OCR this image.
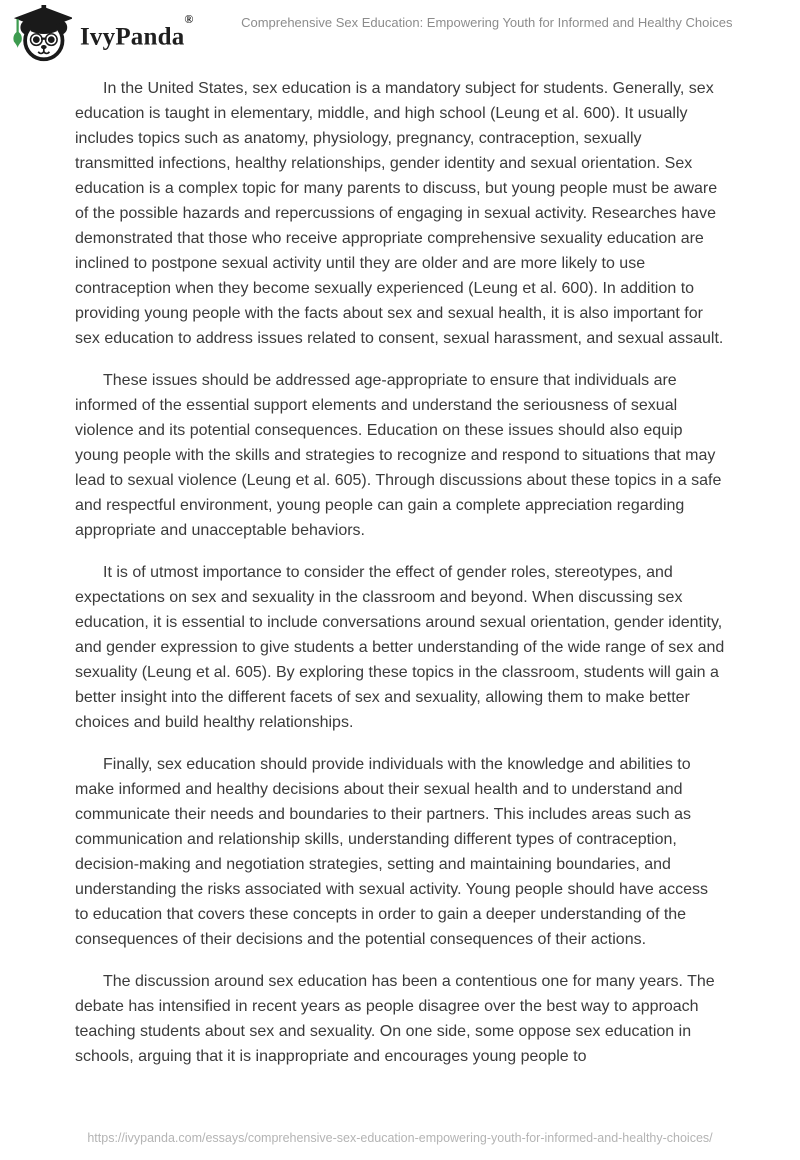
IvyPanda®	Comprehensive Sex Education: Empowering Youth for Informed and Healthy Choices

In the United States, sex education is a mandatory subject for students. Generally, sex education is taught in elementary, middle, and high school (Leung et al. 600). It usually includes topics such as anatomy, physiology, pregnancy, contraception, sexually transmitted infections, healthy relationships, gender identity and sexual orientation. Sex education is a complex topic for many parents to discuss, but young people must be aware of the possible hazards and repercussions of engaging in sexual activity. Researches have demonstrated that those who receive appropriate comprehensive sexuality education are inclined to postpone sexual activity until they are older and are more likely to use contraception when they become sexually experienced (Leung et al. 600). In addition to providing young people with the facts about sex and sexual health, it is also important for sex education to address issues related to consent, sexual harassment, and sexual assault.

These issues should be addressed age-appropriate to ensure that individuals are informed of the essential support elements and understand the seriousness of sexual violence and its potential consequences. Education on these issues should also equip young people with the skills and strategies to recognize and respond to situations that may lead to sexual violence (Leung et al. 605). Through discussions about these topics in a safe and respectful environment, young people can gain a complete appreciation regarding appropriate and unacceptable behaviors.

It is of utmost importance to consider the effect of gender roles, stereotypes, and expectations on sex and sexuality in the classroom and beyond. When discussing sex education, it is essential to include conversations around sexual orientation, gender identity, and gender expression to give students a better understanding of the wide range of sex and sexuality (Leung et al. 605). By exploring these topics in the classroom, students will gain a better insight into the different facets of sex and sexuality, allowing them to make better choices and build healthy relationships.

Finally, sex education should provide individuals with the knowledge and abilities to make informed and healthy decisions about their sexual health and to understand and communicate their needs and boundaries to their partners. This includes areas such as communication and relationship skills, understanding different types of contraception, decision-making and negotiation strategies, setting and maintaining boundaries, and understanding the risks associated with sexual activity. Young people should have access to education that covers these concepts in order to gain a deeper understanding of the consequences of their decisions and the potential consequences of their actions.

The discussion around sex education has been a contentious one for many years. The debate has intensified in recent years as people disagree over the best way to approach teaching students about sex and sexuality. On one side, some oppose sex education in schools, arguing that it is inappropriate and encourages young people to

https://ivypanda.com/essays/comprehensive-sex-education-empowering-youth-for-informed-and-healthy-choices/
